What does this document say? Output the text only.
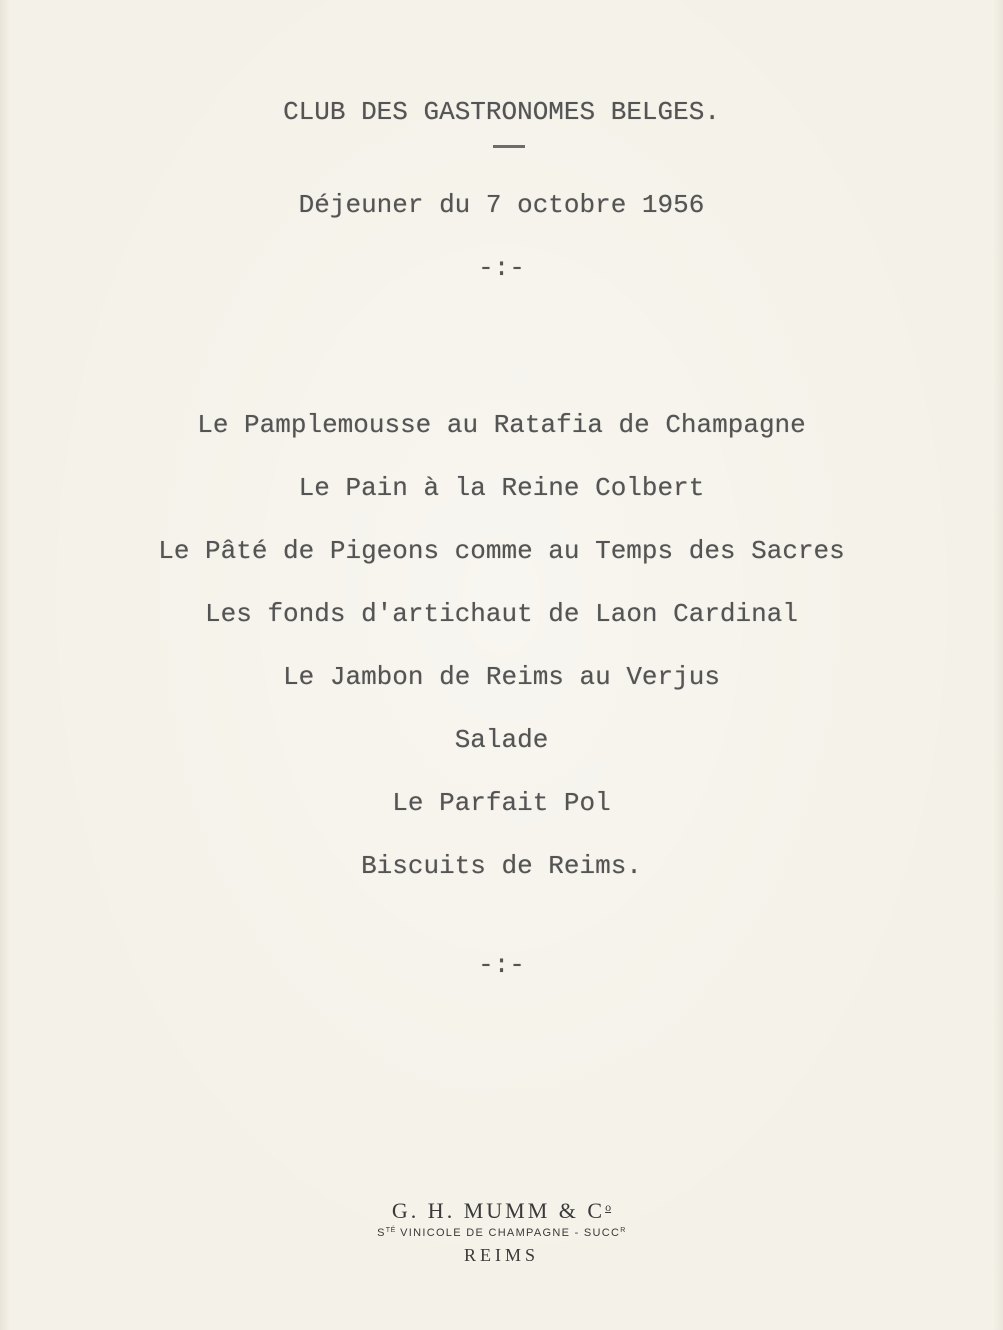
CLUB DES GASTRONOMES BELGES.
Déjeuner du 7 octobre 1956
-:-
Le Pamplemousse au Ratafia de Champagne
Le Pain à la Reine Colbert
Le Pâté de Pigeons comme au Temps des Sacres
Les fonds d'artichaut de Laon Cardinal
Le Jambon de Reims au Verjus
Salade
Le Parfait Pol
Biscuits de Reims.
-:-
G. H. MUMM & $C^o$
$S^{TÉ}$ VINICOLE DE CHAMPAGNE - $SUCC^R$
REIMS
